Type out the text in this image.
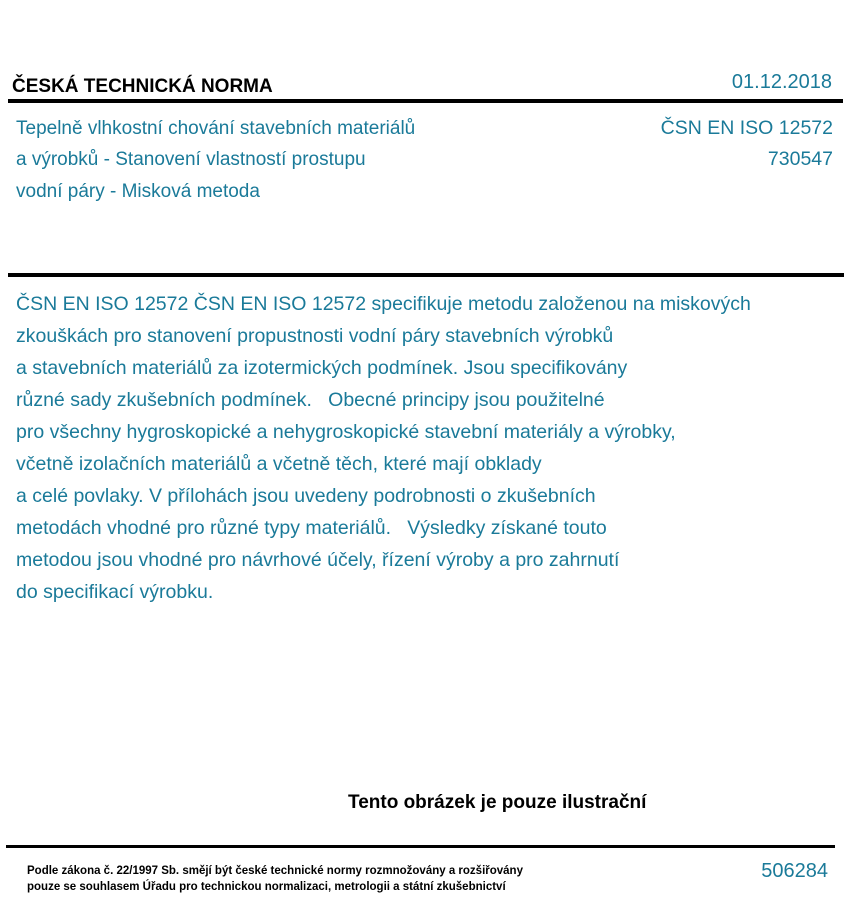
ČESKÁ TECHNICKÁ NORMA	01.12.2018
Tepelně vlhkostní chování stavebních materiálů
a výrobků - Stanovení vlastností prostupu
vodní páry - Misková metoda
ČSN EN ISO 12572
730547
ČSN EN ISO 12572 ČSN EN ISO 12572 specifikuje metodu založenou na miskových
zkouškách pro stanovení propustnosti vodní páry stavebních výrobků
a stavebních materiálů za izotermických podmínek. Jsou specifikovány
různé sady zkušebních podmínek.   Obecné principy jsou použitelné
pro všechny hygroskopické a nehygroskopické stavební materiály a výrobky,
včetně izolačních materiálů a včetně těch, které mají obklady
a celé povlaky. V přílohách jsou uvedeny podrobnosti o zkušebních
metodách vhodné pro různé typy materiálů.   Výsledky získané touto
metodou jsou vhodné pro návrhové účely, řízení výroby a pro zahrnutí
do specifikací výrobku.
Tento obrázek je pouze ilustrační
Podle zákona č. 22/1997 Sb. smějí být české technické normy rozmnožovány a rozšiřovány
pouze se souhlasem Úřadu pro technickou normalizaci, metrologii a státní zkušebnictví
506284
